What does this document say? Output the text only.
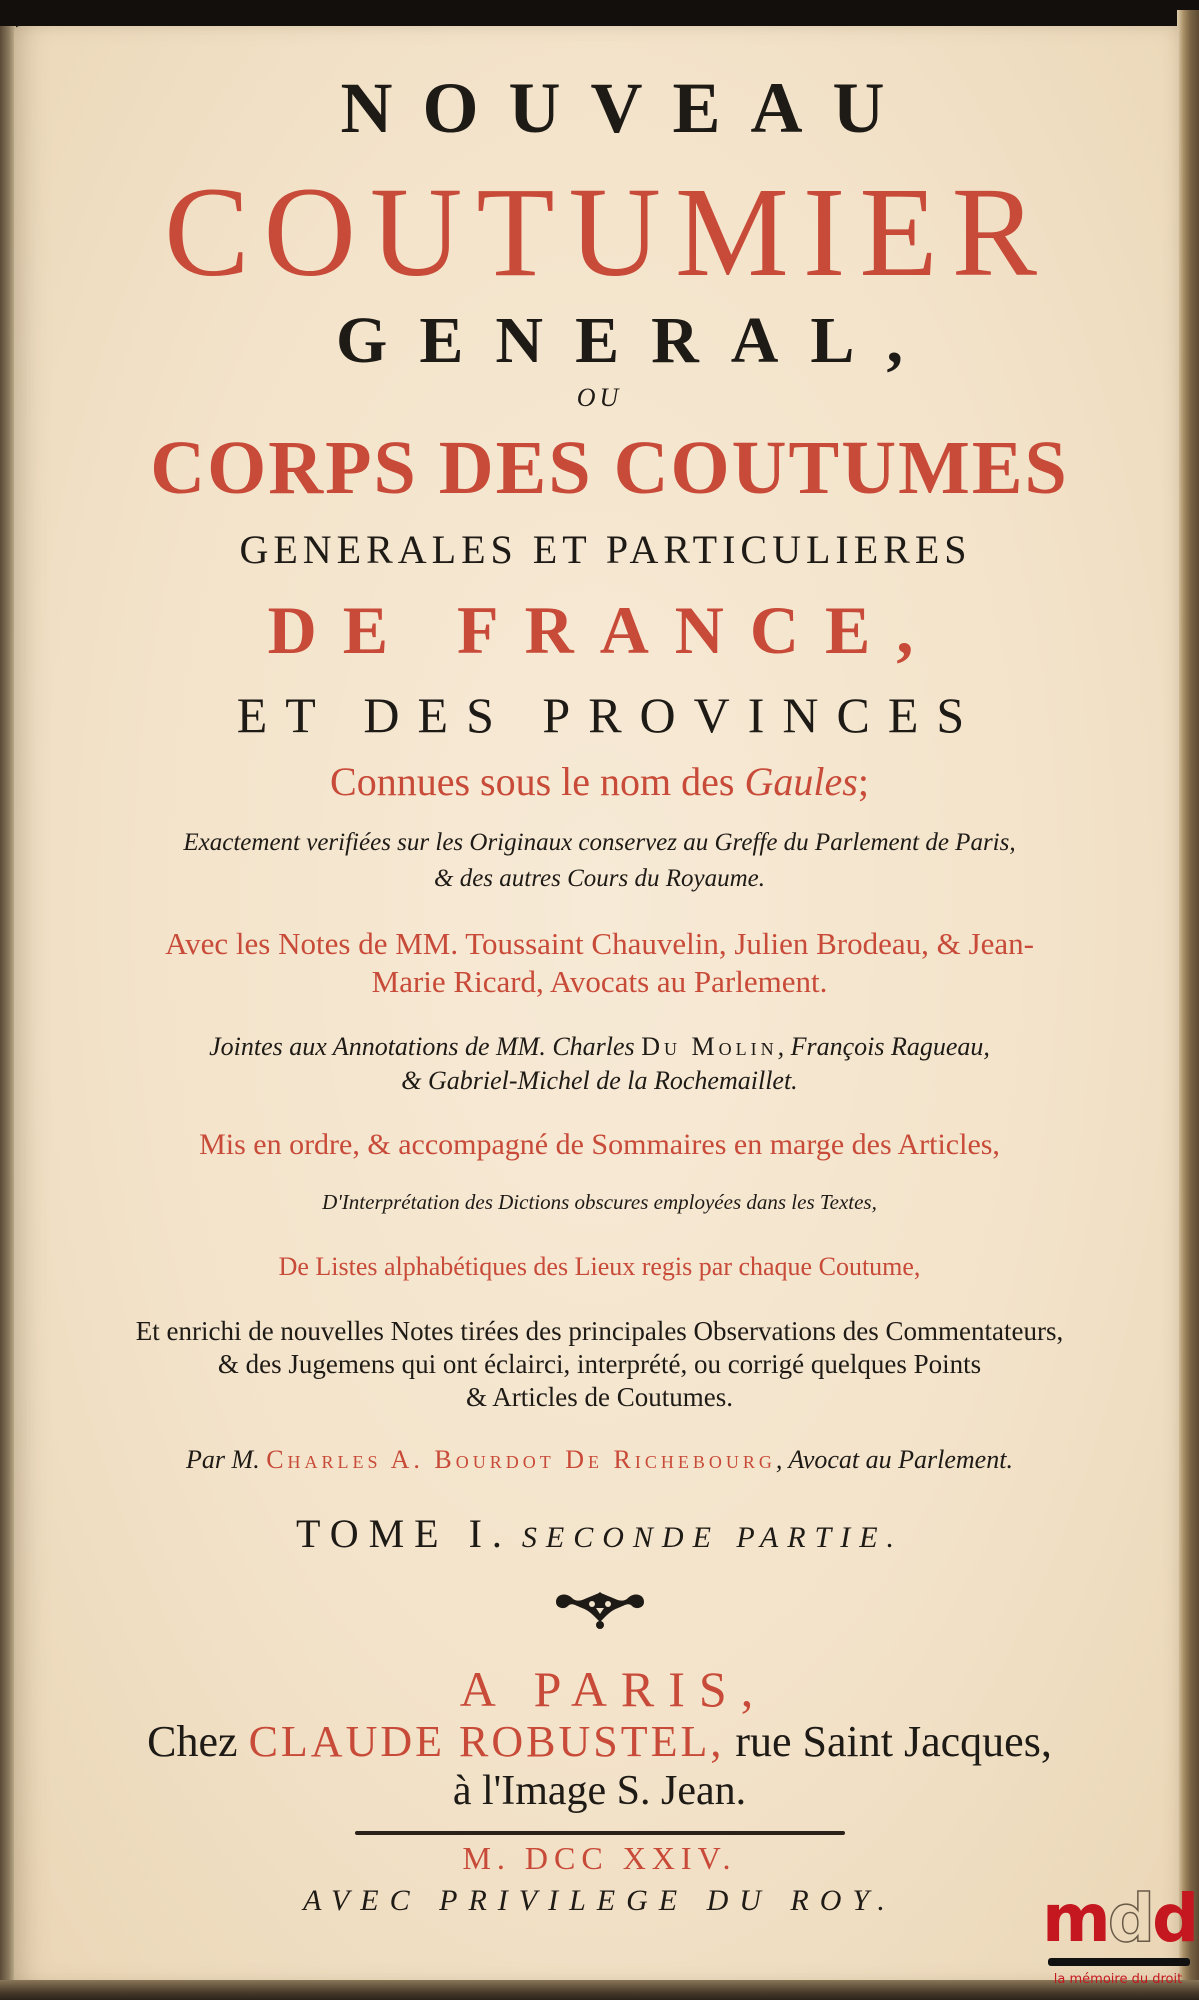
NOUVEAU
COUTUMIER
GENERAL,
OU
CORPS DES COUTUMES
GENERALES ET PARTICULIERES
DE FRANCE,
ET DES PROVINCES
Connues sous le nom des Gaules;
Exactement verifiées sur les Originaux conservez au Greffe du Parlement de Paris,
& des autres Cours du Royaume.
Avec les Notes de MM. Toussaint Chauvelin, Julien Brodeau, & Jean-
Marie Ricard, Avocats au Parlement.
Jointes aux Annotations de MM. Charles Du Molin, François Ragueau,
& Gabriel-Michel de la Rochemaillet.
Mis en ordre, & accompagné de Sommaires en marge des Articles,
D'Interprétation des Dictions obscures employées dans les Textes,
De Listes alphabétiques des Lieux regis par chaque Coutume,
Et enrichi de nouvelles Notes tirées des principales Observations des Commentateurs,
& des Jugemens qui ont éclairci, interprété, ou corrigé quelques Points
& Articles de Coutumes.
Par M. Charles A. Bourdot De Richebourg, Avocat au Parlement.
TOME I. SECONDE PARTIE.
A PARIS,
Chez CLAUDE ROBUSTEL, rue Saint Jacques,
à l'Image S. Jean.
M. DCC XXIV.
AVEC PRIVILEGE DU ROY.	mdd
la mémoire du droit
